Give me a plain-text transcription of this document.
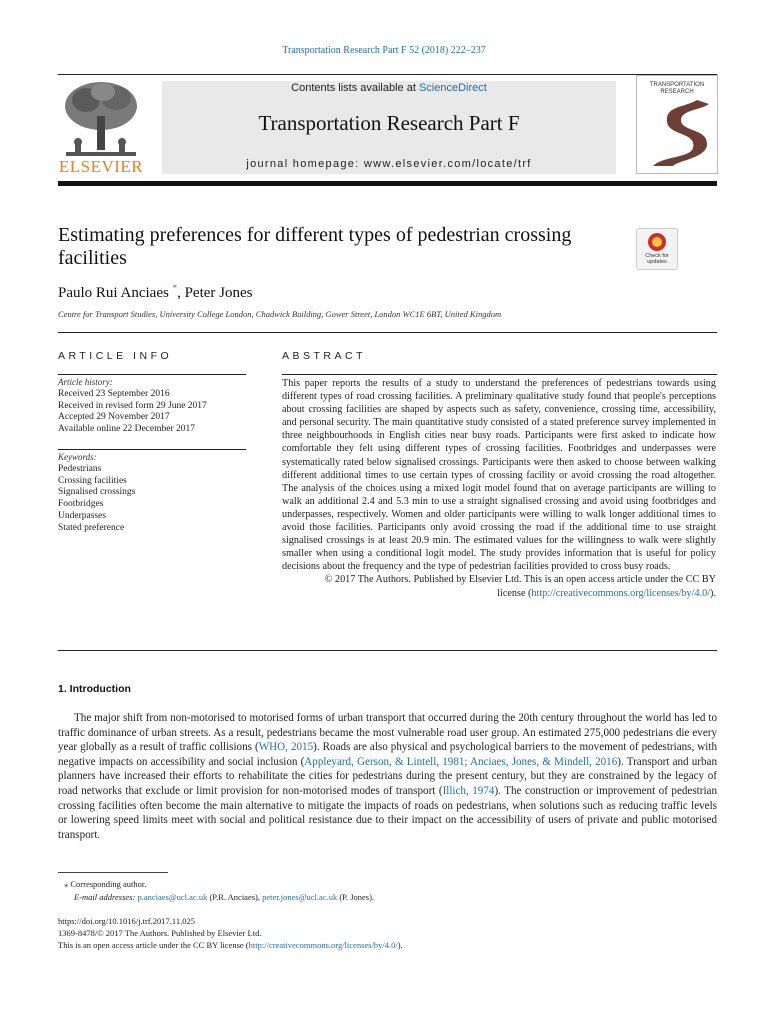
Transportation Research Part F 52 (2018) 222–237
ELSEVIER
Contents lists available at ScienceDirect
Transportation Research Part F
journal homepage: www.elsevier.com/locate/trf
TRANSPORTATION RESEARCH
Estimating preferences for different types of pedestrian crossing facilities	Check for updates
Paulo Rui Anciaes *, Peter Jones
Centre for Transport Studies, University College London, Chadwick Building, Gower Street, London WC1E 6BT, United Kingdom
ARTICLE INFO
Article history:
Received 23 September 2016
Received in revised form 29 June 2017
Accepted 29 November 2017
Available online 22 December 2017
Keywords:
Pedestrians
Crossing facilities
Signalised crossings
Footbridges
Underpasses
Stated preference
ABSTRACT

This paper reports the results of a study to understand the preferences of pedestrians towards using different types of road crossing facilities. A preliminary qualitative study found that people's perceptions about crossing facilities are shaped by aspects such as safety, convenience, crossing time, accessibility, and personal security. The main quantitative study consisted of a stated preference survey implemented in three neighbourhoods in English cities near busy roads. Participants were first asked to indicate how comfortable they felt using different types of crossing facilities. Footbridges and underpasses were systematically rated below signalised crossings. Participants were then asked to choose between walking different additional times to use certain types of crossing facility or avoid crossing the road altogether. The analysis of the choices using a mixed logit model found that on average participants are willing to walk an additional 2.4 and 5.3 min to use a straight signalised crossing and avoid using footbridges and underpasses, respectively. Women and older participants were willing to walk longer additional times to avoid those facilities. Participants only avoid crossing the road if the additional time to use straight signalised crossings is at least 20.9 min. The estimated values for the willingness to walk were slightly smaller when using a conditional logit model. The study provides information that is useful for policy decisions about the frequency and the type of pedestrian facilities provided to cross busy roads.

© 2017 The Authors. Published by Elsevier Ltd. This is an open access article under the CC BY
license (http://creativecommons.org/licenses/by/4.0/).

1. Introduction

The major shift from non-motorised to motorised forms of urban transport that occurred during the 20th century throughout the world has led to traffic dominance of urban streets. As a result, pedestrians became the most vulnerable road user group. An estimated 275,000 pedestrians die every year globally as a result of traffic collisions (WHO, 2015). Roads are also physical and psychological barriers to the movement of pedestrians, with negative impacts on accessibility and social inclusion (Appleyard, Gerson, & Lintell, 1981; Anciaes, Jones, & Mindell, 2016). Transport and urban planners have increased their efforts to rehabilitate the cities for pedestrians during the present century, but they are constrained by the legacy of road networks that exclude or limit provision for non-motorised modes of transport (Illich, 1974). The construction or improvement of pedestrian crossing facilities often become the main alternative to mitigate the impacts of roads on pedestrians, when solutions such as reducing traffic levels or lowering speed limits meet with social and political resistance due to their impact on the accessibility of users of private and public motorised transport.

⁎ Corresponding author.
E-mail addresses: p.anciaes@ucl.ac.uk (P.R. Anciaes), peter.jones@ucl.ac.uk (P. Jones).
https://doi.org/10.1016/j.trf.2017.11.025
1369-8478/© 2017 The Authors. Published by Elsevier Ltd.
This is an open access article under the CC BY license (http://creativecommons.org/licenses/by/4.0/).
